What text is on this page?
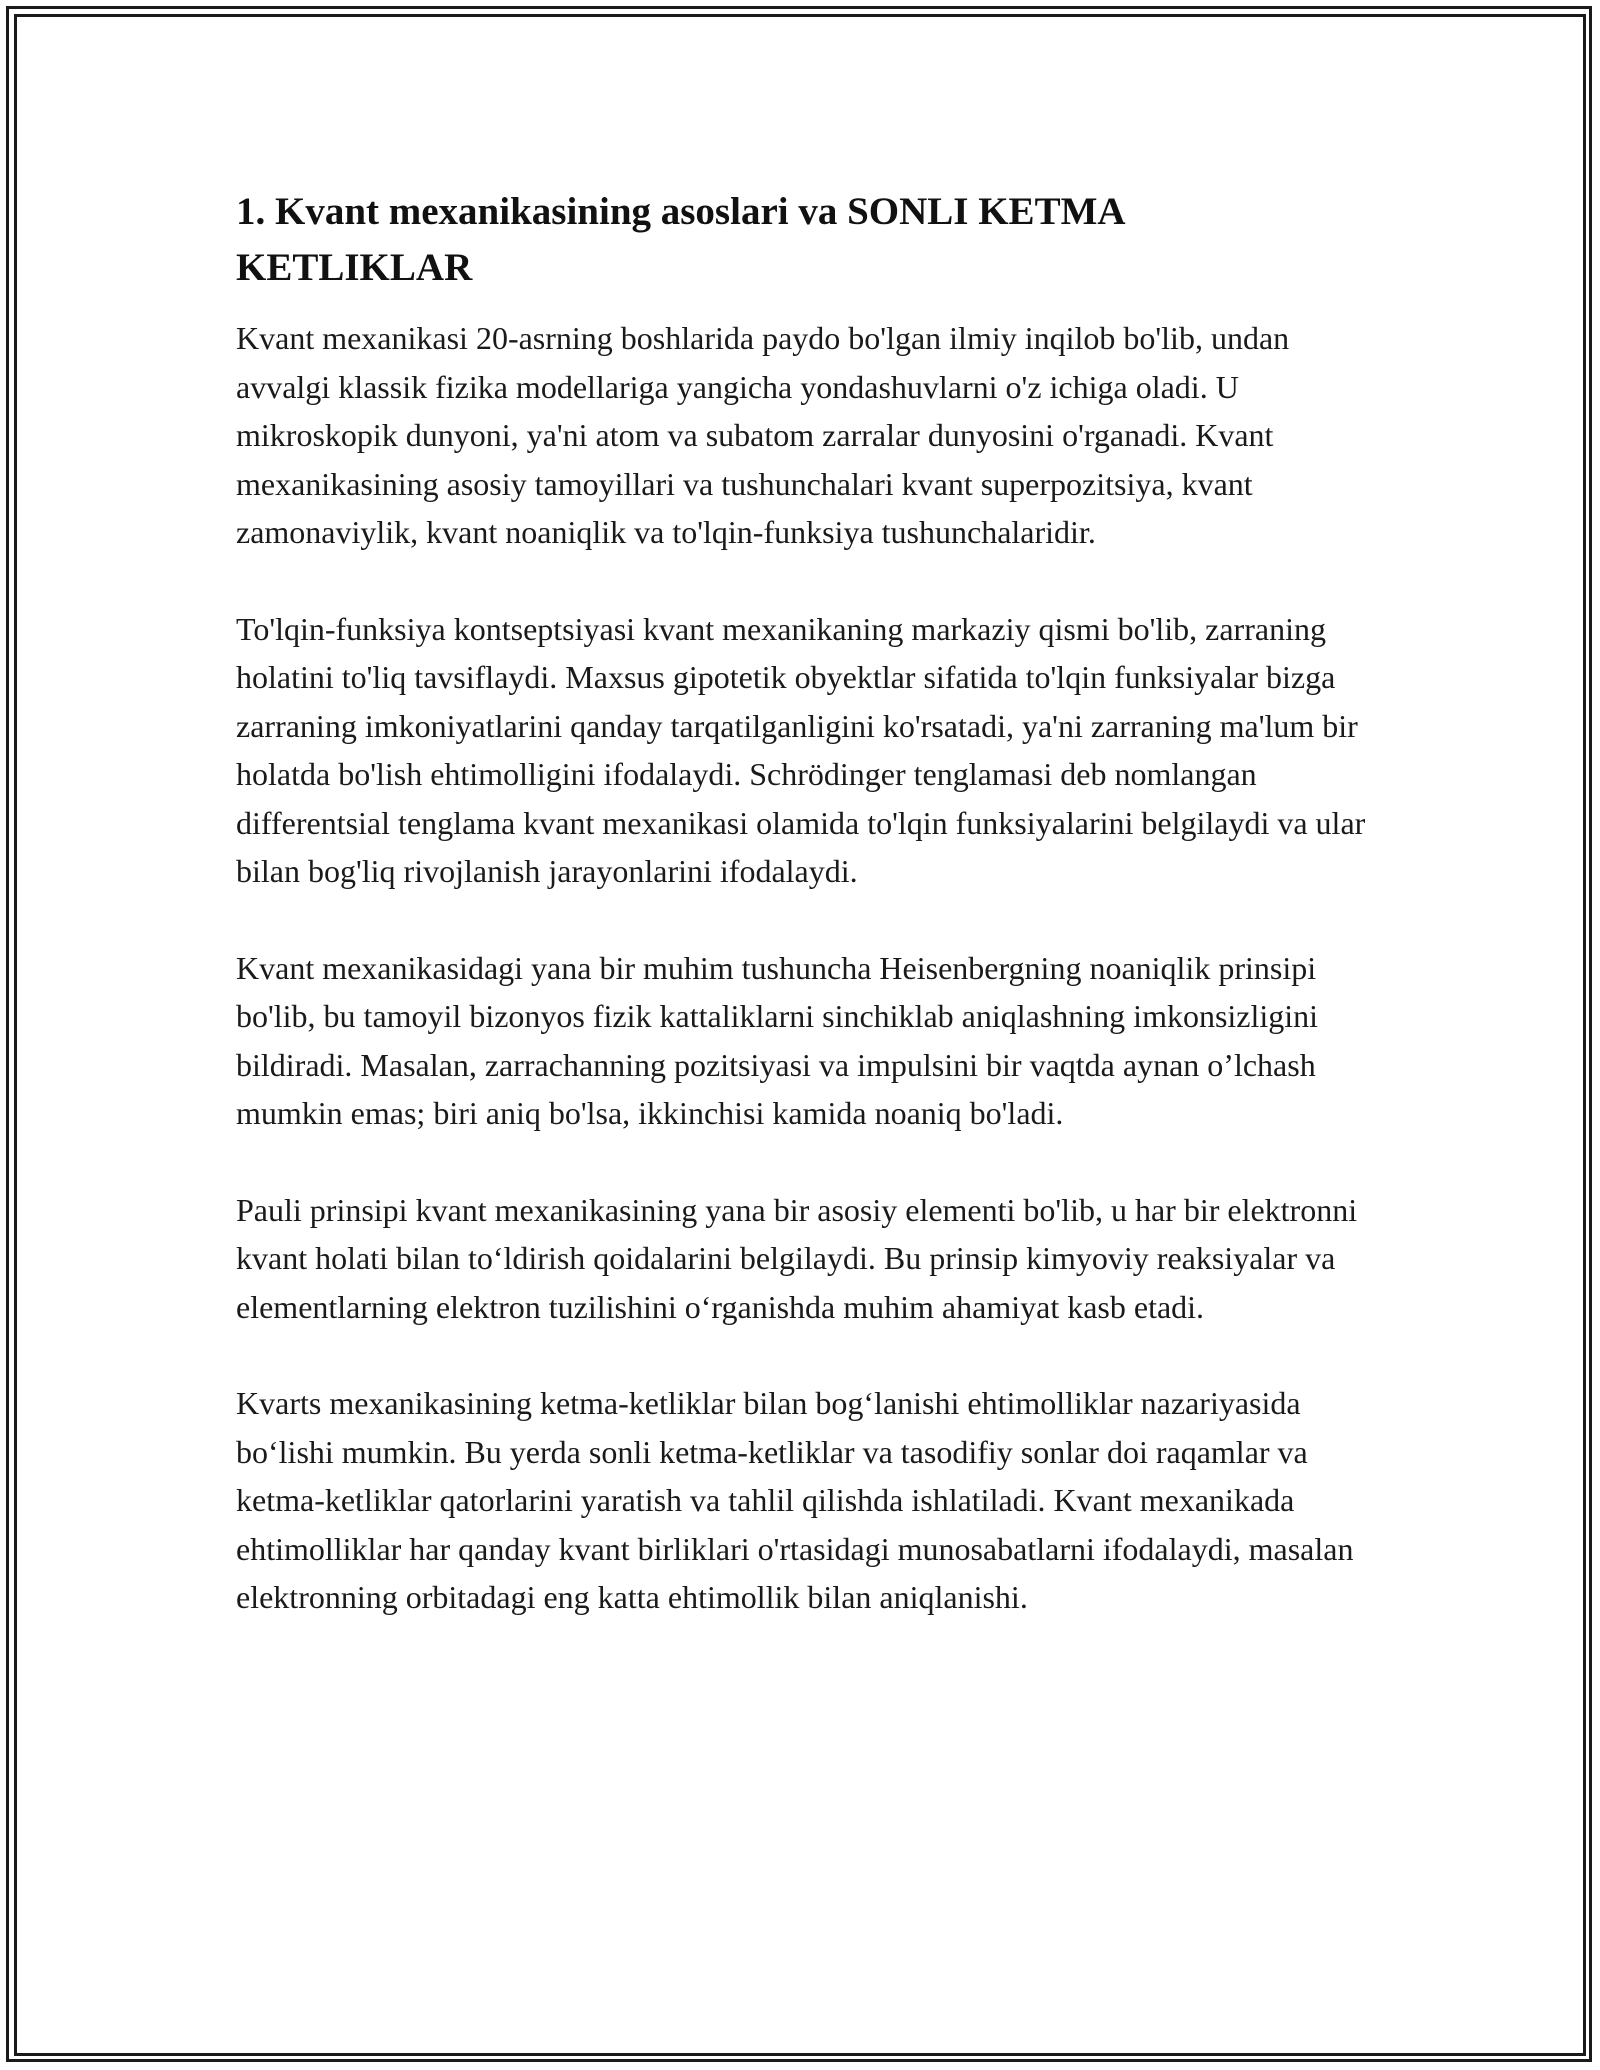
1. Kvant mexanikasining asoslari va SONLI KETMA KETLIKLAR

Kvant mexanikasi 20-asrning boshlarida paydo bo'lgan ilmiy inqilob bo'lib, undan avvalgi klassik fizika modellariga yangicha yondashuvlarni o'z ichiga oladi. U mikroskopik dunyoni, ya'ni atom va subatom zarralar dunyosini o'rganadi. Kvant mexanikasining asosiy tamoyillari va tushunchalari kvant superpozitsiya, kvant zamonaviylik, kvant noaniqlik va to'lqin-funksiya tushunchalaridir.

To'lqin-funksiya kontseptsiyasi kvant mexanikaning markaziy qismi bo'lib, zarraning holatini to'liq tavsiflaydi. Maxsus gipotetik obyektlar sifatida to'lqin funksiyalar bizga zarraning imkoniyatlarini qanday tarqatilganligini ko'rsatadi, ya'ni zarraning ma'lum bir holatda bo'lish ehtimolligini ifodalaydi. Schrödinger tenglamasi deb nomlangan differentsial tenglama kvant mexanikasi olamida to'lqin funksiyalarini belgilaydi va ular bilan bog'liq rivojlanish jarayonlarini ifodalaydi.

Kvant mexanikasidagi yana bir muhim tushuncha Heisenbergning noaniqlik prinsipi bo'lib, bu tamoyil bizonyos fizik kattaliklarni sinchiklab aniqlashning imkonsizligini bildiradi. Masalan, zarrachanning pozitsiyasi va impulsini bir vaqtda aynan o’lchash mumkin emas; biri aniq bo'lsa, ikkinchisi kamida noaniq bo'ladi.

Pauli prinsipi kvant mexanikasining yana bir asosiy elementi bo'lib, u har bir elektronni kvant holati bilan to‘ldirish qoidalarini belgilaydi. Bu prinsip kimyoviy reaksiyalar va elementlarning elektron tuzilishini o‘rganishda muhim ahamiyat kasb etadi.

Kvarts mexanikasining ketma-ketliklar bilan bog‘lanishi ehtimolliklar nazariyasida bo‘lishi mumkin. Bu yerda sonli ketma-ketliklar va tasodifiy sonlar doi raqamlar va ketma-ketliklar qatorlarini yaratish va tahlil qilishda ishlatiladi. Kvant mexanikada ehtimolliklar har qanday kvant birliklari o'rtasidagi munosabatlarni ifodalaydi, masalan elektronning orbitadagi eng katta ehtimollik bilan aniqlanishi.
